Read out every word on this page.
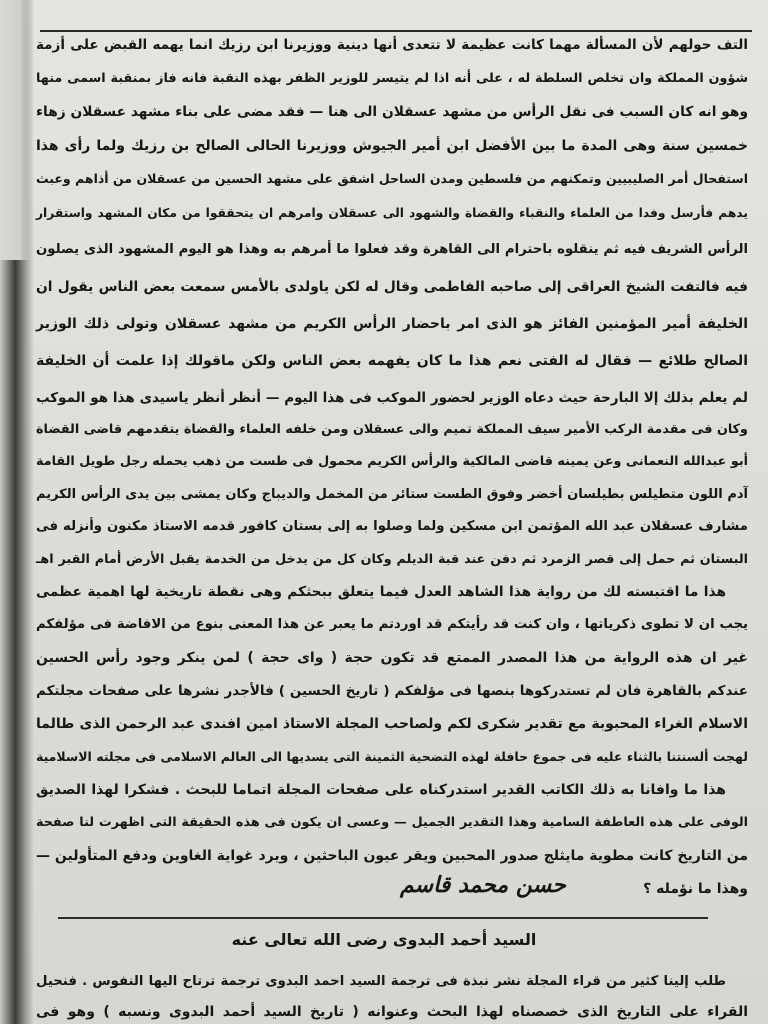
التف حولهم لأن المسألة مهما كانت عظيمة لا تتعدى أنها دينية ووزيرنا ابن رزيك انما يهمه القبض على أزمة
شؤون المملكة وان تخلص السلطة له ، على أنه اذا لم يتيسر للوزير الظفر بهذه النقبة فانه فاز بمنقبة اسمى منها
وهو انه كان السبب فى نقل الرأس من مشهد عسقلان الى هنا — فقد مضى على بناء مشهد عسقلان زهاء
خمسين سنة وهى المدة ما بين الأفضل ابن أمير الجيوش ووزيرنا الحالى الصالح بن رزيك ولما رأى هذا
استفحال أمر الصليبيين وتمكنهم من فلسطين ومدن الساحل اشفق على مشهد الحسين من عسقلان من أذاهم وعبث
يدهم فأرسل وفدا من العلماء والنقباء والقضاة والشهود الى عسقلان وامرهم ان يتحققوا من مكان المشهد واستقرار
الرأس الشريف فيه ثم ينقلوه باحترام الى القاهرة وقد فعلوا ما أمرهم به وهذا هو اليوم المشهود الذى يصلون
فيه فالتفت الشيخ العراقى إلى صاحبه الفاطمى وقال له لكن ياولدى بالأمس سمعت بعض الناس يقول ان
الخليفة أمير المؤمنين الفائز هو الذى امر باحضار الرأس الكريم من مشهد عسقلان وتولى ذلك الوزير
الصالح طلائع — فقال له الفتى نعم هذا ما كان يفهمه بعض الناس ولكن ماقولك إذا علمت أن الخليفة
لم يعلم بذلك إلا البارحة حيث دعاه الوزير لحضور الموكب فى هذا اليوم — أنظر أنظر ياسيدى هذا هو الموكب
وكان فى مقدمة الركب الأمير سيف المملكة تميم والى عسقلان ومن خلفه العلماء والقضاة يتقدمهم قاضى القضاة
أبو عبدالله النعمانى وعن يمينه قاضى المالكية والرأس الكريم محمول فى طست من ذهب يحمله رجل طويل القامة
آدم اللون متطيلس بطيلسان أخضر وفوق الطست ستائر من المخمل والديباج وكان يمشى بين يدى الرأس الكريم
مشارف عسقلان عبد الله المؤتمن ابن مسكين ولما وصلوا به إلى بستان كافور قدمه الاستاذ مكنون وأنزله فى
البستان ثم حمل إلى قصر الزمرد ثم دفن عند قبة الديلم وكان كل من يدخل من الخدمة يقبل الأرض أمام القبر اهـ
هذا ما اقتبسته لك من رواية هذا الشاهد العدل فيما يتعلق ببحثكم وهى نقطة تاريخية لها اهمية عظمى
يجب ان لا تطوى ذكرياتها ، وان كنت قد رأيتكم قد اوردتم ما يعبر عن هذا المعنى بنوع من الافاضة فى مؤلفكم
غير ان هذه الرواية من هذا المصدر الممتع قد تكون حجة ( واى حجة ) لمن ينكر وجود رأس الحسين
عندكم بالقاهرة فان لم تستدركوها بنصها فى مؤلفكم ( تاريخ الحسين ) فالأجدر نشرها على صفحات مجلتكم
الاسلام الغراء المحبوبة مع تقدير شكرى لكم ولصاحب المجلة الاستاذ امين افندى عبد الرحمن الذى طالما
لهجت ألسنتنا بالثناء عليه فى جموع حافلة لهذه التضحية الثمينة التى يسديها الى العالم الاسلامى فى مجلته الاسلامية
هذا ما وافانا به ذلك الكاتب القدير استدركناه على صفحات المجلة اتماما للبحث . فشكرا لهذا الصديق
الوفى على هذه العاطفة السامية وهذا التقدير الجميل — وعسى ان يكون فى هذه الحقيقة التى اظهرت لنا صفحة
من التاريخ كانت مطوية مايثلج صدور المحبين ويقر عيون الباحثين ، ويرد غواية الغاوين ودفع المتأولين —
وهذا ما نؤمله ؟
حسن محمد قاسم
السيد أحمد البدوى رضى الله تعالى عنه
طلب إلينا كثير من قراء المجلة نشر نبذة فى ترجمة السيد احمد البدوى ترجمة ترتاح اليها النفوس . فنحيل
القراء على التاريخ الذى خصصناه لهذا البحث وعنوانه ( تاريخ السيد أحمد البدوى ونسبه ) وهو فى
